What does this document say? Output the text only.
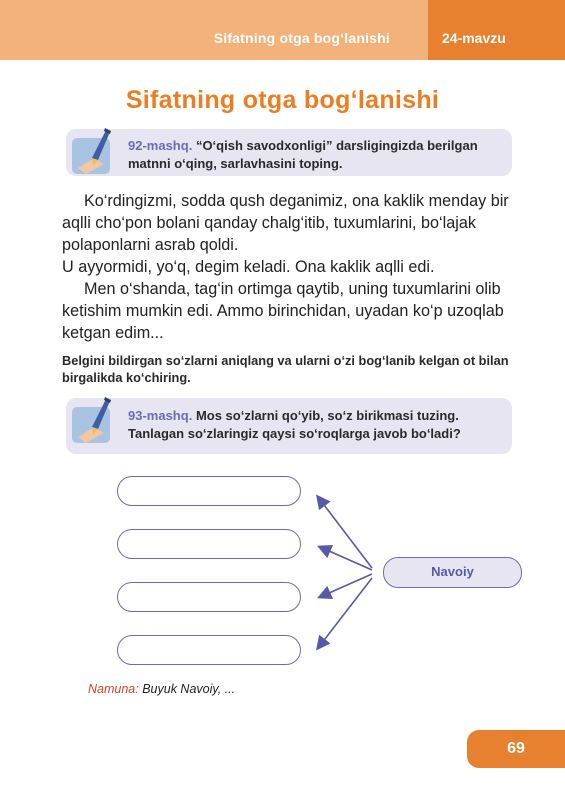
Sifatning otga bog‘lanishi	24-mavzu
Sifatning otga bog‘lanishi
92-mashq. “O‘qish savodxonligi” darsligingizda berilgan matnni o‘qing, sarlavhasini toping.

Ko‘rdingizmi, sodda qush deganimiz, ona kaklik menday bir aqlli cho‘pon bolani qanday chalg‘itib, tuxumlarini, bo‘lajak polaponlarni asrab qoldi.

U ayyormidi, yo‘q, degim keladi. Ona kaklik aqlli edi.

Men o‘shanda, tag‘in ortimga qaytib, uning tuxumlarini olib ketishim mumkin edi. Ammo birinchidan, uyadan ko‘p uzoqlab ketgan edim...

Belgini bildirgan so‘zlarni aniqlang va ularni o‘zi bog‘lanib kelgan ot bilan birgalikda ko‘chiring.
93-mashq. Mos so‘zlarni qo‘yib, so‘z birikmasi tuzing. Tanlagan so‘zlaringiz qaysi so‘roqlarga javob bo‘ladi?
Navoiy
Namuna: Buyuk Navoiy, ...
69
